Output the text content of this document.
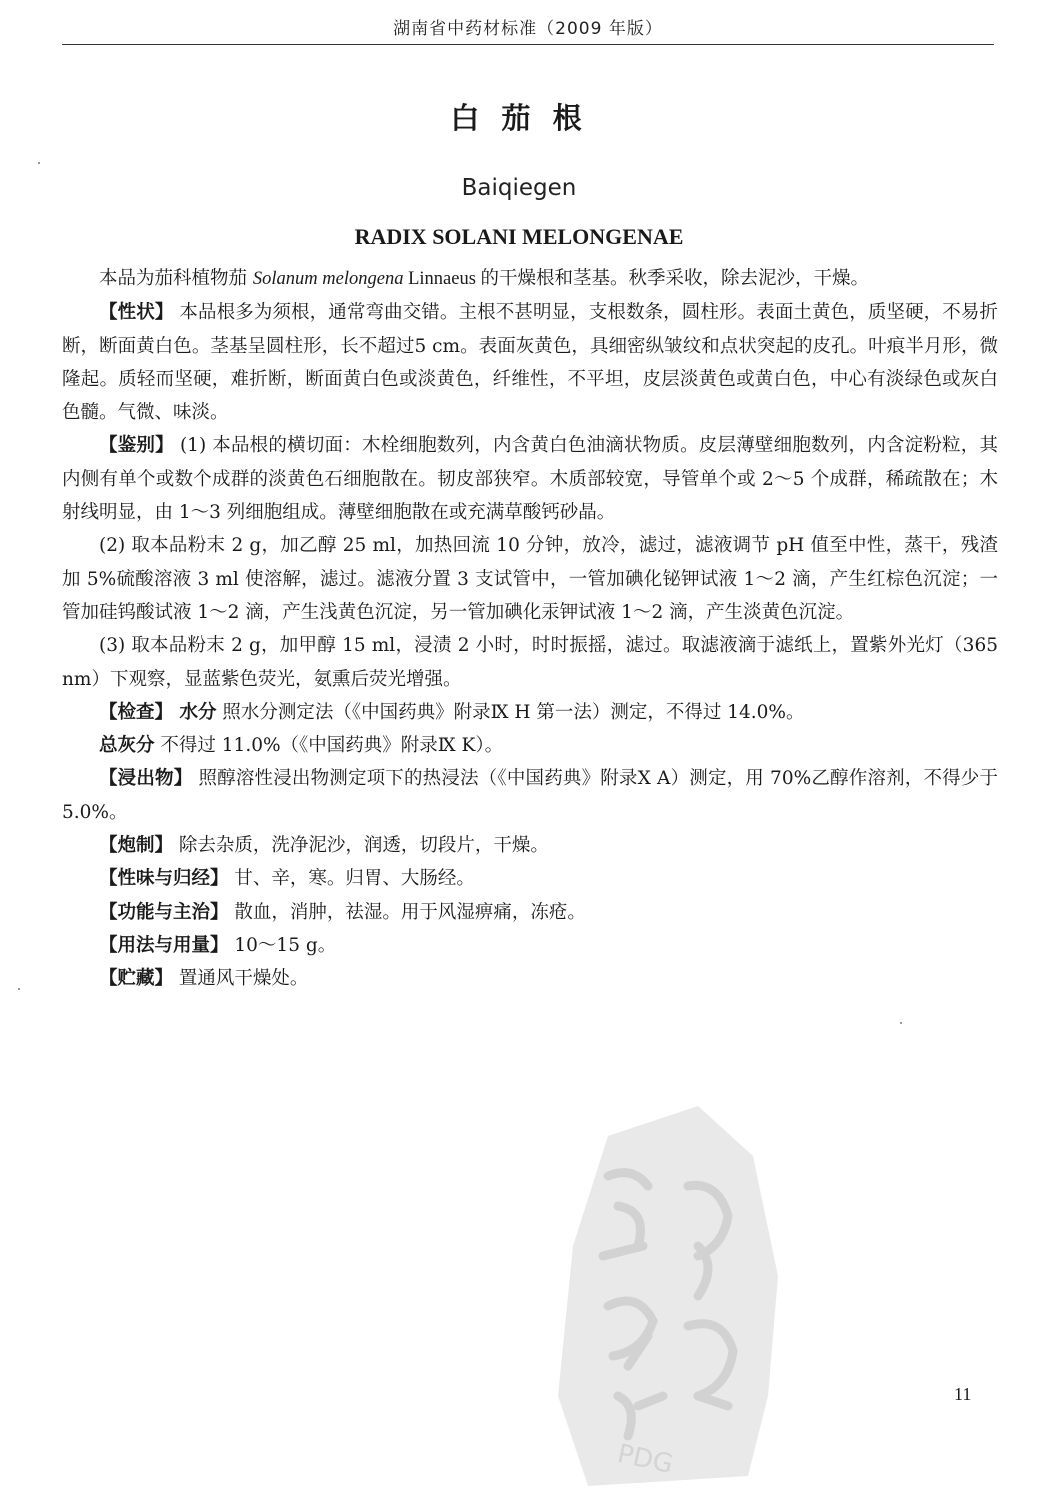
湖南省中药材标准（2009 年版）
白 茄 根
Baiqiegen
RADIX SOLANI MELONGENAE

本品为茄科植物茄 Solanum melongena Linnaeus 的干燥根和茎基。秋季采收，除去泥沙，干燥。

【性状】 本品根多为须根，通常弯曲交错。主根不甚明显，支根数条，圆柱形。表面土黄色，质坚硬，不易折断，断面黄白色。茎基呈圆柱形，长不超过5 cm。表面灰黄色，具细密纵皱纹和点状突起的皮孔。叶痕半月形，微隆起。质轻而坚硬，难折断，断面黄白色或淡黄色，纤维性，不平坦，皮层淡黄色或黄白色，中心有淡绿色或灰白色髓。气微、味淡。

【鉴别】 (1) 本品根的横切面：木栓细胞数列，内含黄白色油滴状物质。皮层薄壁细胞数列，内含淀粉粒，其内侧有单个或数个成群的淡黄色石细胞散在。韧皮部狭窄。木质部较宽，导管单个或 2～5 个成群，稀疏散在；木射线明显，由 1～3 列细胞组成。薄壁细胞散在或充满草酸钙砂晶。

(2) 取本品粉末 2 g，加乙醇 25 ml，加热回流 10 分钟，放冷，滤过，滤液调节 pH 值至中性，蒸干，残渣加 5%硫酸溶液 3 ml 使溶解，滤过。滤液分置 3 支试管中，一管加碘化铋钾试液 1～2 滴，产生红棕色沉淀；一管加硅钨酸试液 1～2 滴，产生浅黄色沉淀，另一管加碘化汞钾试液 1～2 滴，产生淡黄色沉淀。

(3) 取本品粉末 2 g，加甲醇 15 ml，浸渍 2 小时，时时振摇，滤过。取滤液滴于滤纸上，置紫外光灯（365 nm）下观察，显蓝紫色荧光，氨熏后荧光增强。

【检查】 水分 照水分测定法（《中国药典》附录Ⅸ H 第一法）测定，不得过 14.0%。

总灰分 不得过 11.0%（《中国药典》附录Ⅸ K）。

【浸出物】 照醇溶性浸出物测定项下的热浸法（《中国药典》附录Ⅹ A）测定，用 70%乙醇作溶剂，不得少于 5.0%。

【炮制】 除去杂质，洗净泥沙，润透，切段片，干燥。

【性味与归经】 甘、辛，寒。归胃、大肠经。

【功能与主治】 散血，消肿，祛湿。用于风湿痹痛，冻疮。

【用法与用量】 10～15 g。

【贮藏】 置通风干燥处。

PDG
11
